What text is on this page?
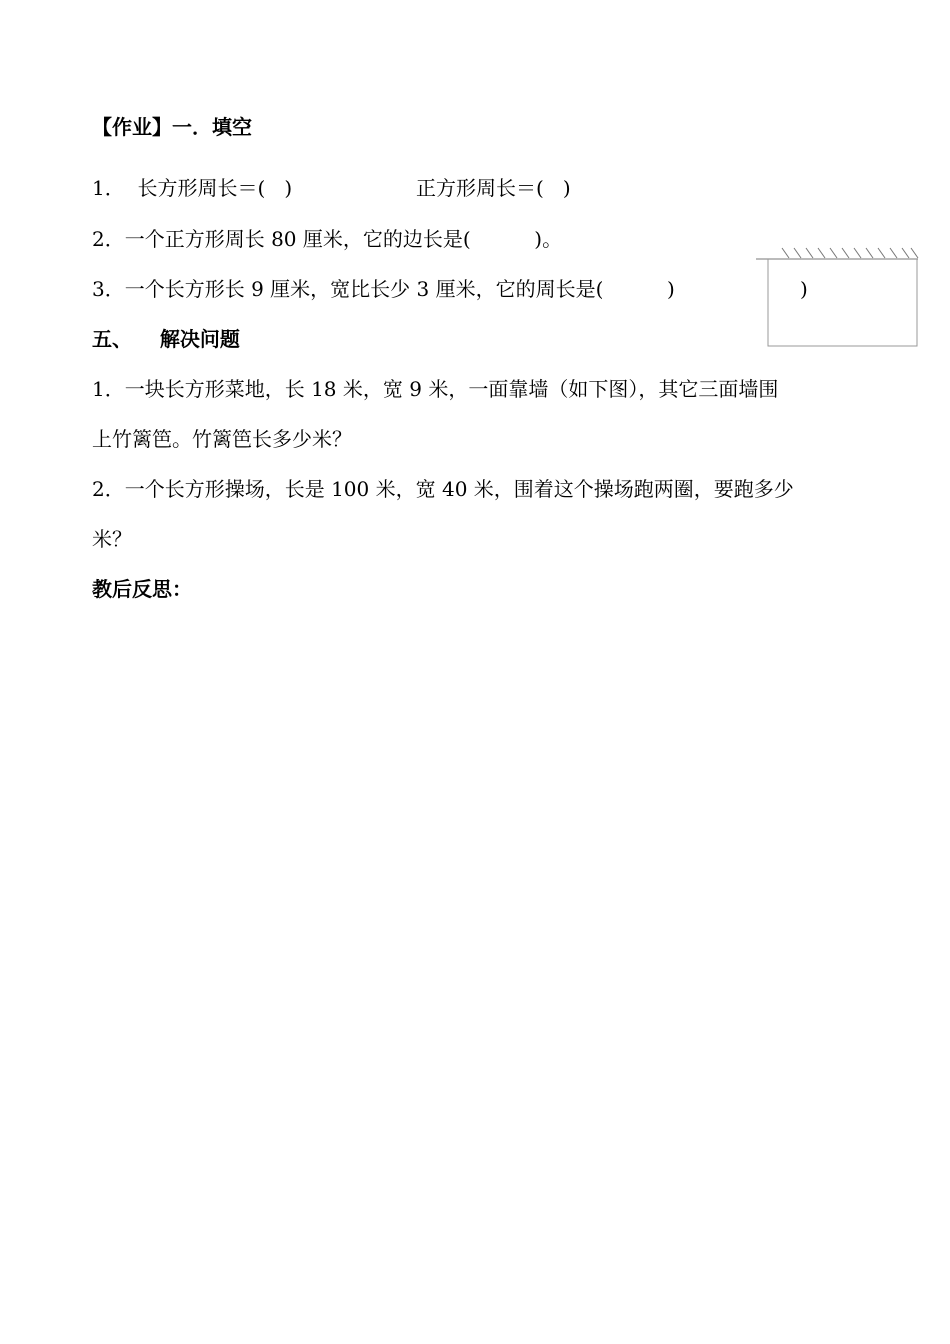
【作业】一．填空
1．  长方形周长＝(   )	正方形周长＝(   )
2．一个正方形周长 80 厘米，它的边长是(          )。
3．一个长方形长 9 厘米，宽比长少 3 厘米，它的周长是(          )	)
五、    解决问题
1．一块长方形菜地，长 18 米，宽 9 米，一面靠墙（如下图），其它三面墙围
上竹篱笆。竹篱笆长多少米？
2．一个长方形操场，长是 100 米，宽 40 米，围着这个操场跑两圈，要跑多少
米？
教后反思：
